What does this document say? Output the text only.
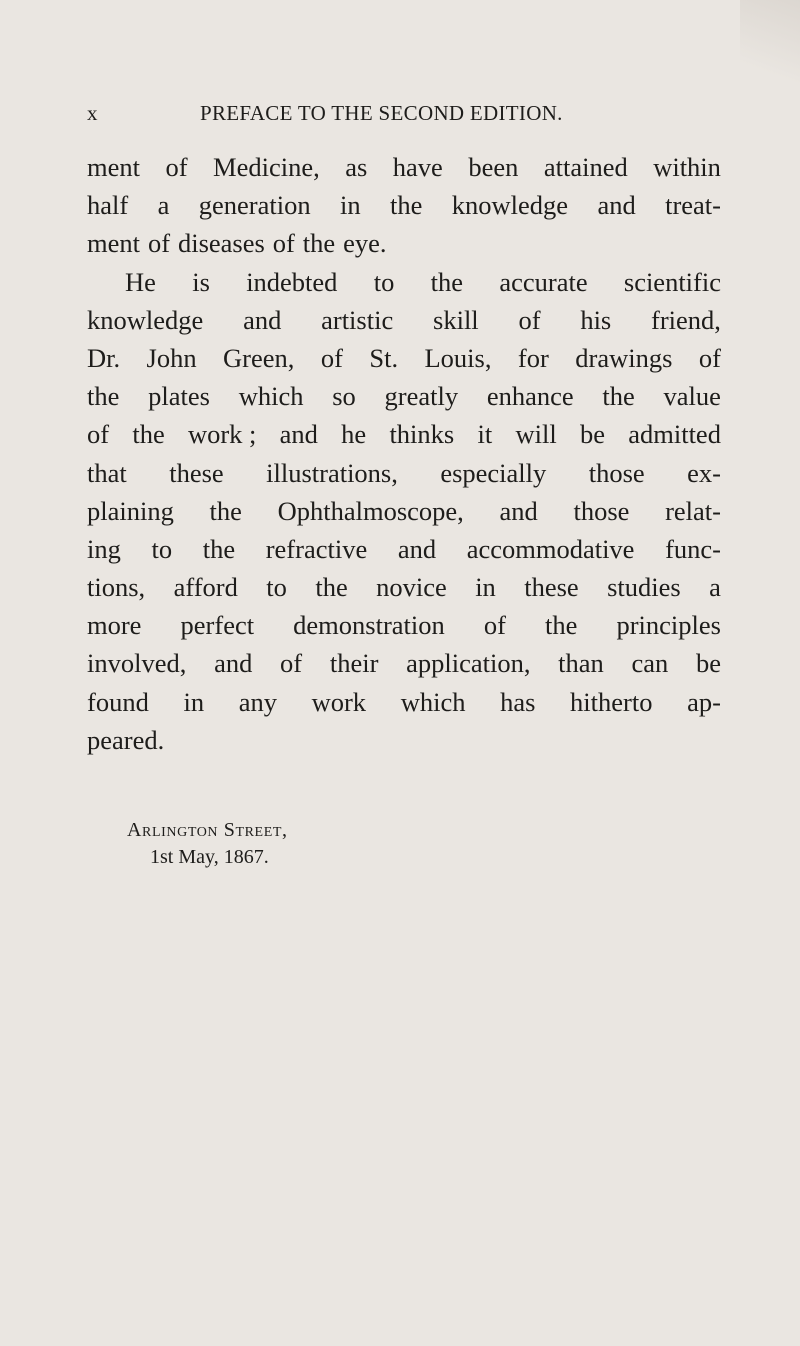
x	PREFACE TO THE SECOND EDITION.
ment of Medicine, as have been attained within
half a generation in the knowledge and treat-
ment of diseases of the eye.
He is indebted to the accurate scientific
knowledge and artistic skill of his friend,
Dr. John Green, of St. Louis, for drawings of
the plates which so greatly enhance the value
of the work ; and he thinks it will be admitted
that these illustrations, especially those ex-
plaining the Ophthalmoscope, and those relat-
ing to the refractive and accommodative func-
tions, afford to the novice in these studies a
more perfect demonstration of the principles
involved, and of their application, than can be
found in any work which has hitherto ap-
peared.
Arlington Street,
1st May, 1867.
